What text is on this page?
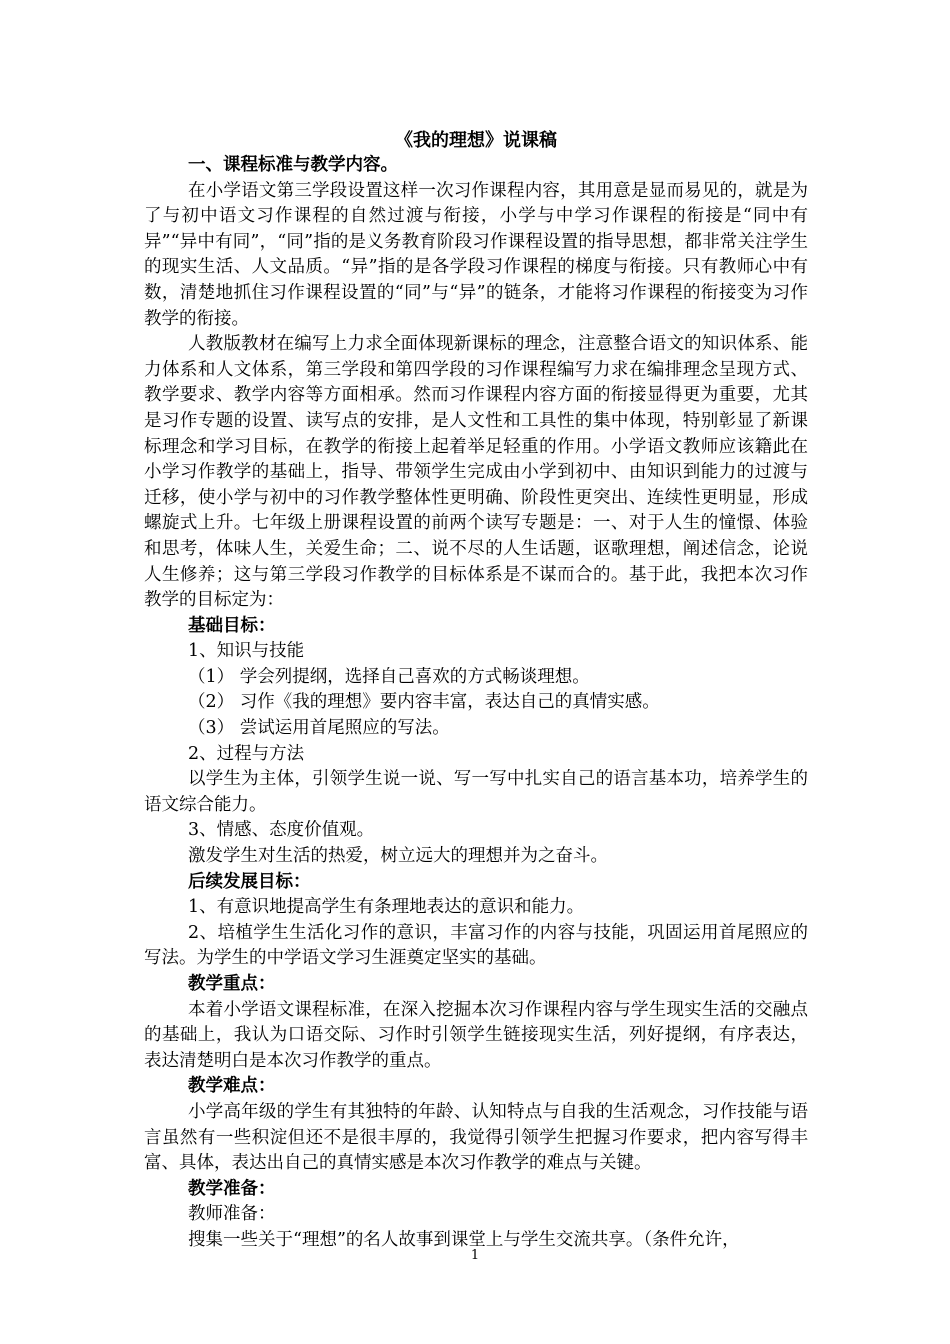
《我的理想》说课稿

一、课程标准与教学内容。

在小学语文第三学段设置这样一次习作课程内容，其用意是显而易见的，就是为了与初中语文习作课程的自然过渡与衔接，小学与中学习作课程的衔接是“同中有异”“异中有同”，“同”指的是义务教育阶段习作课程设置的指导思想，都非常关注学生的现实生活、人文品质。“异”指的是各学段习作课程的梯度与衔接。只有教师心中有数，清楚地抓住习作课程设置的“同”与“异”的链条，才能将习作课程的衔接变为习作教学的衔接。

人教版教材在编写上力求全面体现新课标的理念，注意整合语文的知识体系、能力体系和人文体系，第三学段和第四学段的习作课程编写力求在编排理念呈现方式、教学要求、教学内容等方面相承。然而习作课程内容方面的衔接显得更为重要，尤其是习作专题的设置、读写点的安排，是人文性和工具性的集中体现，特别彰显了新课标理念和学习目标，在教学的衔接上起着举足轻重的作用。小学语文教师应该籍此在小学习作教学的基础上，指导、带领学生完成由小学到初中、由知识到能力的过渡与迁移，使小学与初中的习作教学整体性更明确、阶段性更突出、连续性更明显，形成螺旋式上升。七年级上册课程设置的前两个读写专题是：一、对于人生的憧憬、体验和思考，体味人生，关爱生命；二、说不尽的人生话题，讴歌理想，阐述信念，论说人生修养；这与第三学段习作教学的目标体系是不谋而合的。基于此，我把本次习作教学的目标定为：

基础目标：

1、知识与技能

（1） 学会列提纲，选择自己喜欢的方式畅谈理想。

（2） 习作《我的理想》要内容丰富，表达自己的真情实感。

（3） 尝试运用首尾照应的写法。

2、过程与方法

以学生为主体，引领学生说一说、写一写中扎实自己的语言基本功，培养学生的语文综合能力。

3、情感、态度价值观。

激发学生对生活的热爱，树立远大的理想并为之奋斗。

后续发展目标：

1、有意识地提高学生有条理地表达的意识和能力。

2、培植学生生活化习作的意识，丰富习作的内容与技能，巩固运用首尾照应的写法。为学生的中学语文学习生涯奠定坚实的基础。

教学重点：

本着小学语文课程标准，在深入挖掘本次习作课程内容与学生现实生活的交融点的基础上，我认为口语交际、习作时引领学生链接现实生活，列好提纲，有序表达，表达清楚明白是本次习作教学的重点。

教学难点：

小学高年级的学生有其独特的年龄、认知特点与自我的生活观念，习作技能与语言虽然有一些积淀但还不是很丰厚的，我觉得引领学生把握习作要求，把内容写得丰富、具体，表达出自己的真情实感是本次习作教学的难点与关键。

教学准备：

教师准备：

搜集一些关于“理想”的名人故事到课堂上与学生交流共享。（条件允许，

1
